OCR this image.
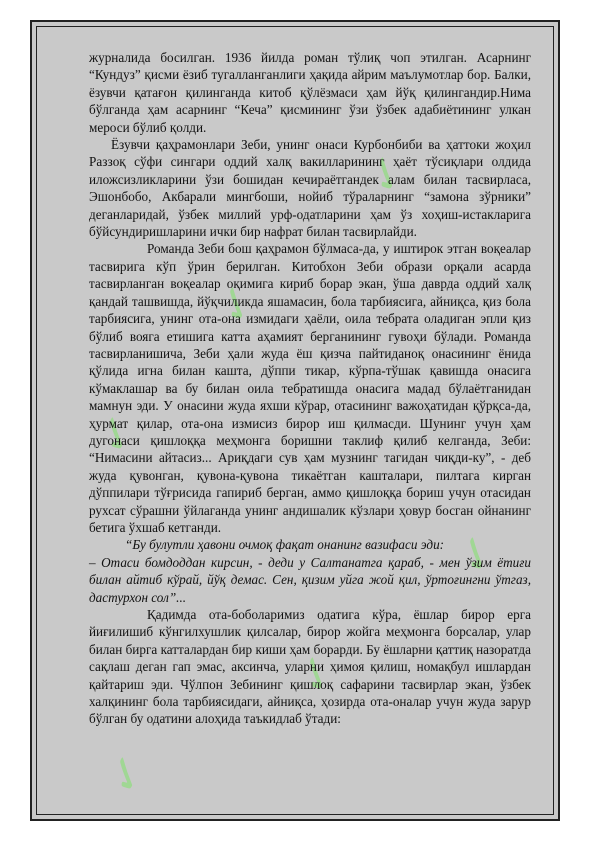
✓
✓
✓
✓
✓
✓

журналида босилган. 1936 йилда роман тўлиқ чоп этилган. Асарнинг “Кундуз” қисми ёзиб тугалланганлиги ҳақида айрим маълумотлар бор. Балки, ёзувчи қатағон қилинганда китоб қўлёзмаси ҳам йўқ қилингандир.Нима бўлганда ҳам асарнинг “Кеча” қисмининг ўзи ўзбек адабиётининг улкан мероси бўлиб қолди.

Ёзувчи қаҳрамонлари Зеби, унинг онаси Курбонбиби ва ҳаттоки жоҳил Раззоқ сўфи сингари оддий халқ вакилларининг ҳаёт тўсиқлари олдида иложсизликларини ўзи бошидан кечираётгандек алам билан тасвирласа, Эшонбобо, Акбарали мингбоши, нойиб тўраларнинг “замона зўрники” деганларидай, ўзбек миллий урф-одатларини ҳам ўз хоҳиш-истакларига бўйсундиришларини ички бир нафрат билан тасвирлайди.

Романда Зеби бош қаҳрамон бўлмаса-да, у иштирок этган воқеалар тасвирига кўп ўрин берилган. Китобхон Зеби образи орқали асарда тасвирланган воқеалар оқимига кириб борар экан, ўша даврда оддий халқ қандай ташвишда, йўқчиликда яшамасин, бола тарбиясига, айниқса, қиз бола тарбиясига, унинг ота-она измидаги ҳаёли, оила тебрата оладиган эпли қиз бўлиб вояга етишига катта аҳамият берганининг гувоҳи бўлади. Романда тасвирланишича, Зеби ҳали жуда ёш қизча пайтиданоқ онасининг ёнида қўлида игна билан кашта, дўппи тикар, кўрпа-тўшак қавишда онасига кўмаклашар ва бу билан оила тебратишда онасига мадад бўлаётганидан мамнун эди. У онасини жуда яхши кўрар, отасининг важоҳатидан қўрқса-да, ҳурмат қилар, ота-она измисиз бирор иш қилмасди. Шунинг учун ҳам дугонаси қишлоққа меҳмонга боришни таклиф қилиб келганда, Зеби: “Нимасини айтасиз... Ариқдаги сув ҳам музнинг тагидан чиқди-ку”, - деб жуда қувонган, қувона-қувона тикаётган кашталари, пилтага кирган дўппилари тўғрисида гапириб берган, аммо қишлоққа бориш учун отасидан рухсат сўрашни ўйлаганда унинг андишалик кўзлари ҳовур босган ойнанинг бетига ўхшаб кетганди.

“Бу булутли ҳавони очмоқ фақат онанинг вазифаси эди:

– Отаси бомдоддан кирсин, - деди у Салтанатга қараб, - мен ўзим ётиғи билан айтиб кўрай, йўқ демас. Сен, қизим уйга жой қил, ўртоғингни ўтгаз, дастурхон сол”...

Қадимда ота-боболаримиз одатига кўра, ёшлар бирор ерга йиғилишиб кўнгилхушлик қилсалар, бирор жойга меҳмонга борсалар, улар билан бирга катталардан бир киши ҳам борарди. Бу ёшларни қаттиқ назоратда сақлаш деган гап эмас, аксинча, уларни ҳимоя қилиш, номақбул ишлардан қайтариш эди. Чўлпон Зебининг қишлоқ сафарини тасвирлар экан, ўзбек халқининг бола тарбиясидаги, айниқса, ҳозирда ота-оналар учун жуда зарур бўлган бу одатини алоҳида таъкидлаб ўтади:
